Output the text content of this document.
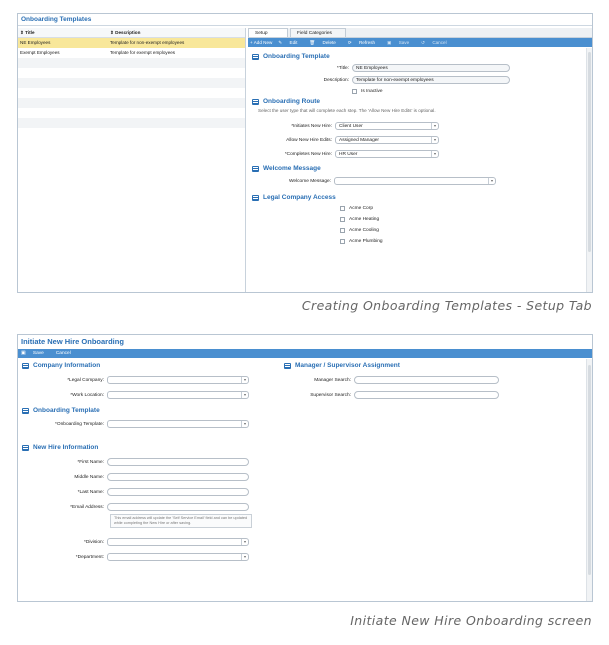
Onboarding Templates
⇕ Title	⇕ Description
NE Employees	Template for non-exempt employees
Exempt Employees	Template for exempt employees
Setup	Field Categories
+ Add New ✎ Edit	🗑 Delete	⟳ Refresh	▣ Save	↺ Cancel
Onboarding Template
*Title:	NE Employees
Description:	Template for non-exempt employees
Is Inactive
Onboarding Route
Select the user type that will complete each step. The 'Allow New Hire Edits' is optional.
*Initiates New Hire:	Client User	▾
Allow New Hire Edits:	Assigned Manager	▾
*Completes New Hire:	HR User	▾
Welcome Message
Welcome Message:	▾
Legal Company Access
Acme Corp
Acme Heating
Acme Cooling
Acme Plumbing
Creating Onboarding Templates - Setup Tab
Initiate New Hire Onboarding
▣ Save	Cancel
Company Information
*Legal Company:	▾
*Work Location:	▾
Onboarding Template
*Onboarding Template:	▾
New Hire Information
*First Name:
Middle Name:
*Last Name:
*Email Address:
This email address will update the 'Self Service Email' field and can be updated while completing the New Hire or after saving.
*Division:	▾
*Department:	▾
Manager / Supervisor Assignment
Manager Search:
Supervisor Search:
Initiate New Hire Onboarding screen
